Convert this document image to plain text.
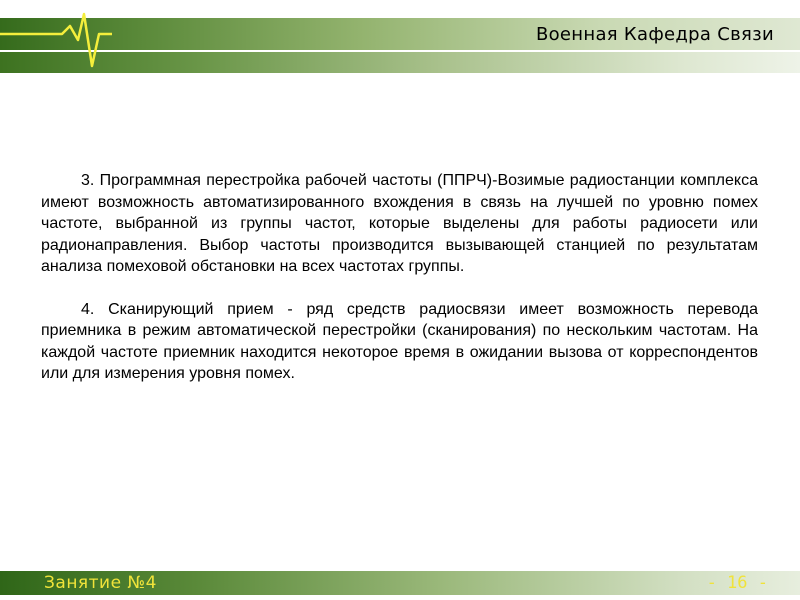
Военная Кафедра Связи

3. Программная перестройка рабочей частоты (ППРЧ)-Возимые радиостанции комплекса имеют возможность автоматизированного вхождения в связь на лучшей по уровню помех частоте, выбранной из группы частот, которые выделены для работы радиосети или радионаправления. Выбор частоты производится вызывающей станцией по результатам анализа помеховой обстановки на всех частотах группы.

4. Сканирующий прием - ряд средств радиосвязи имеет возможность перевода приемника в режим автоматической перестройки (сканирования) по нескольким частотам. На каждой частоте приемник находится некоторое время в ожидании вызова от корреспондентов или для измерения уровня помех.

Занятие №4	- 16 -
